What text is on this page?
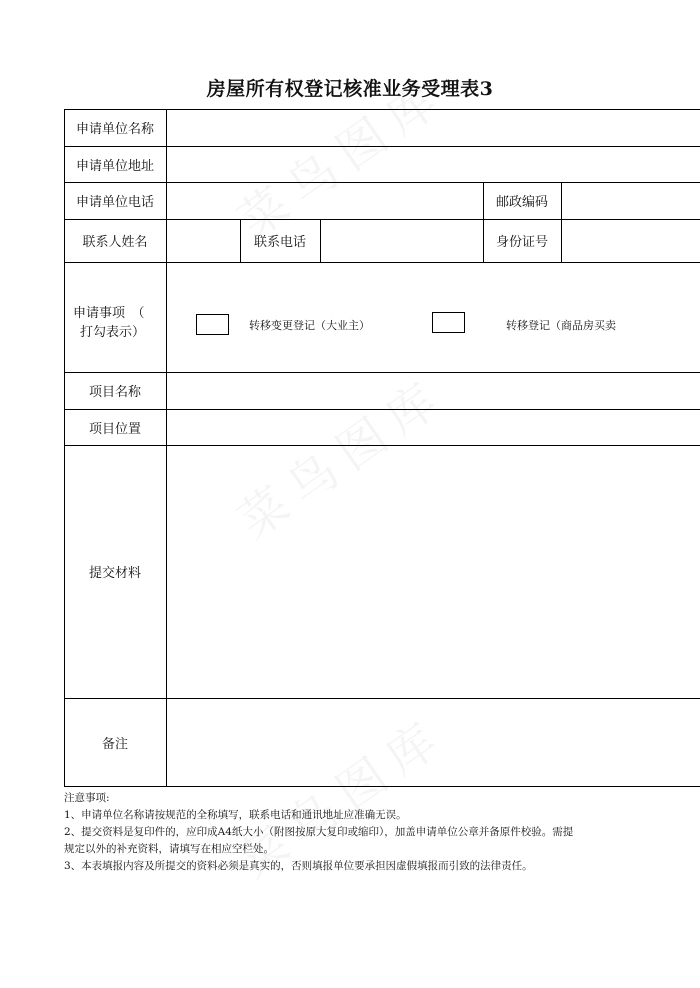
房屋所有权登记核准业务受理表3
申请单位名称
申请单位地址
申请单位电话	邮政编码
联系人姓名	联系电话	身份证号
申请事项　（
打勾表示）	转移变更登记（大业主）	转移登记（商品房买卖
项目名称
项目位置
提交材料
备注
注意事项:
1、申请单位名称请按规范的全称填写，联系电话和通讯地址应准确无误。
2、提交资料是复印件的，应印成A4纸大小（附图按原大复印或缩印），加盖申请单位公章并备原件校验。需提
规定以外的补充资料，请填写在相应空栏处。
3、本表填报内容及所提交的资料必须是真实的，否则填报单位要承担因虚假填报而引致的法律责任。
